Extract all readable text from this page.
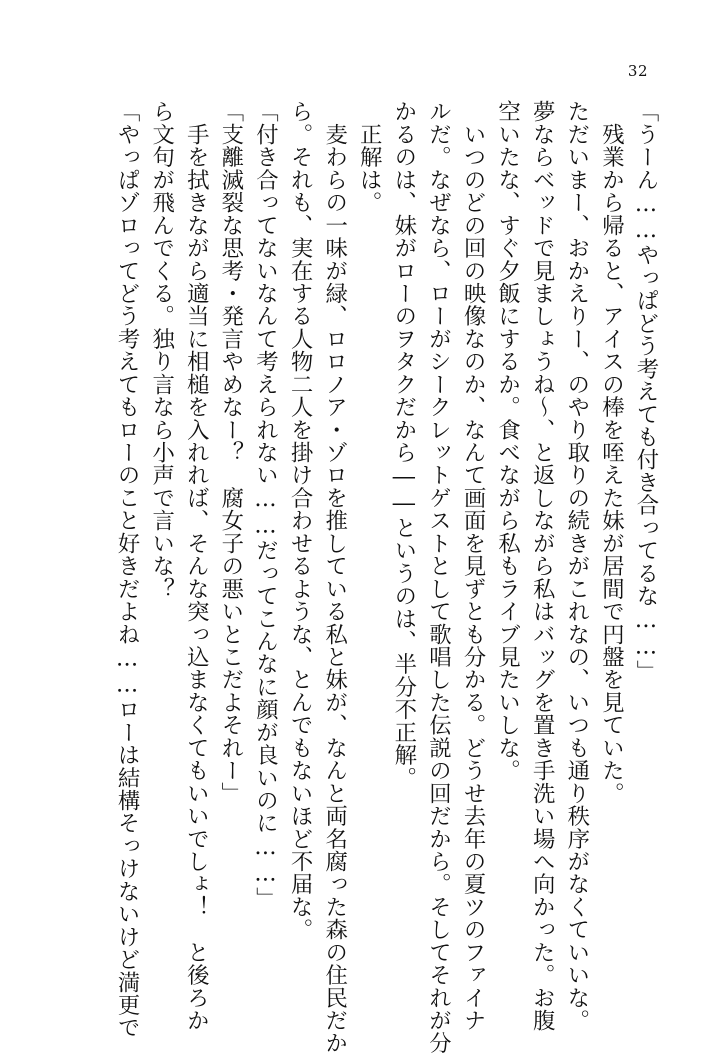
32
「うーん……やっぱどう考えても付き合ってるな……」
　残業から帰ると、アイスの棒を咥えた妹が居間で円盤を見ていた。
ただいまー、おかえりー、のやり取りの続きがこれなの、いつも通り秩序がなくていいな。
夢ならベッドで見ましょうね〜、と返しながら私はバッグを置き手洗い場へ向かった。お腹
空いたな、すぐ夕飯にするか。食べながら私もライブ見たいしな。
　いつのどの回の映像なのか、なんて画面を見ずとも分かる。どうせ去年の夏ツのファイナ
ルだ。なぜなら、ローがシークレットゲストとして歌唱した伝説の回だから。そしてそれが分
かるのは、妹がローのヲタクだから――というのは、半分不正解。
　正解は。
　麦わらの一味が緑、ロロノア・ゾロを推している私と妹が、なんと両名腐った森の住民だか
ら。それも、実在する人物二人を掛け合わせるような、とんでもないほど不届な。
「付き合ってないなんて考えられない……だってこんなに顔が良いのに……」
「支離滅裂な思考・発言やめなー？　腐女子の悪いとこだよそれー」
　手を拭きながら適当に相槌を入れれば、そんな突っ込まなくてもいいでしょ！　と後ろか
ら文句が飛んでくる。独り言なら小声で言いな？
「やっぱゾロってどう考えてもローのこと好きだよね……ローは結構そっけないけど満更で
